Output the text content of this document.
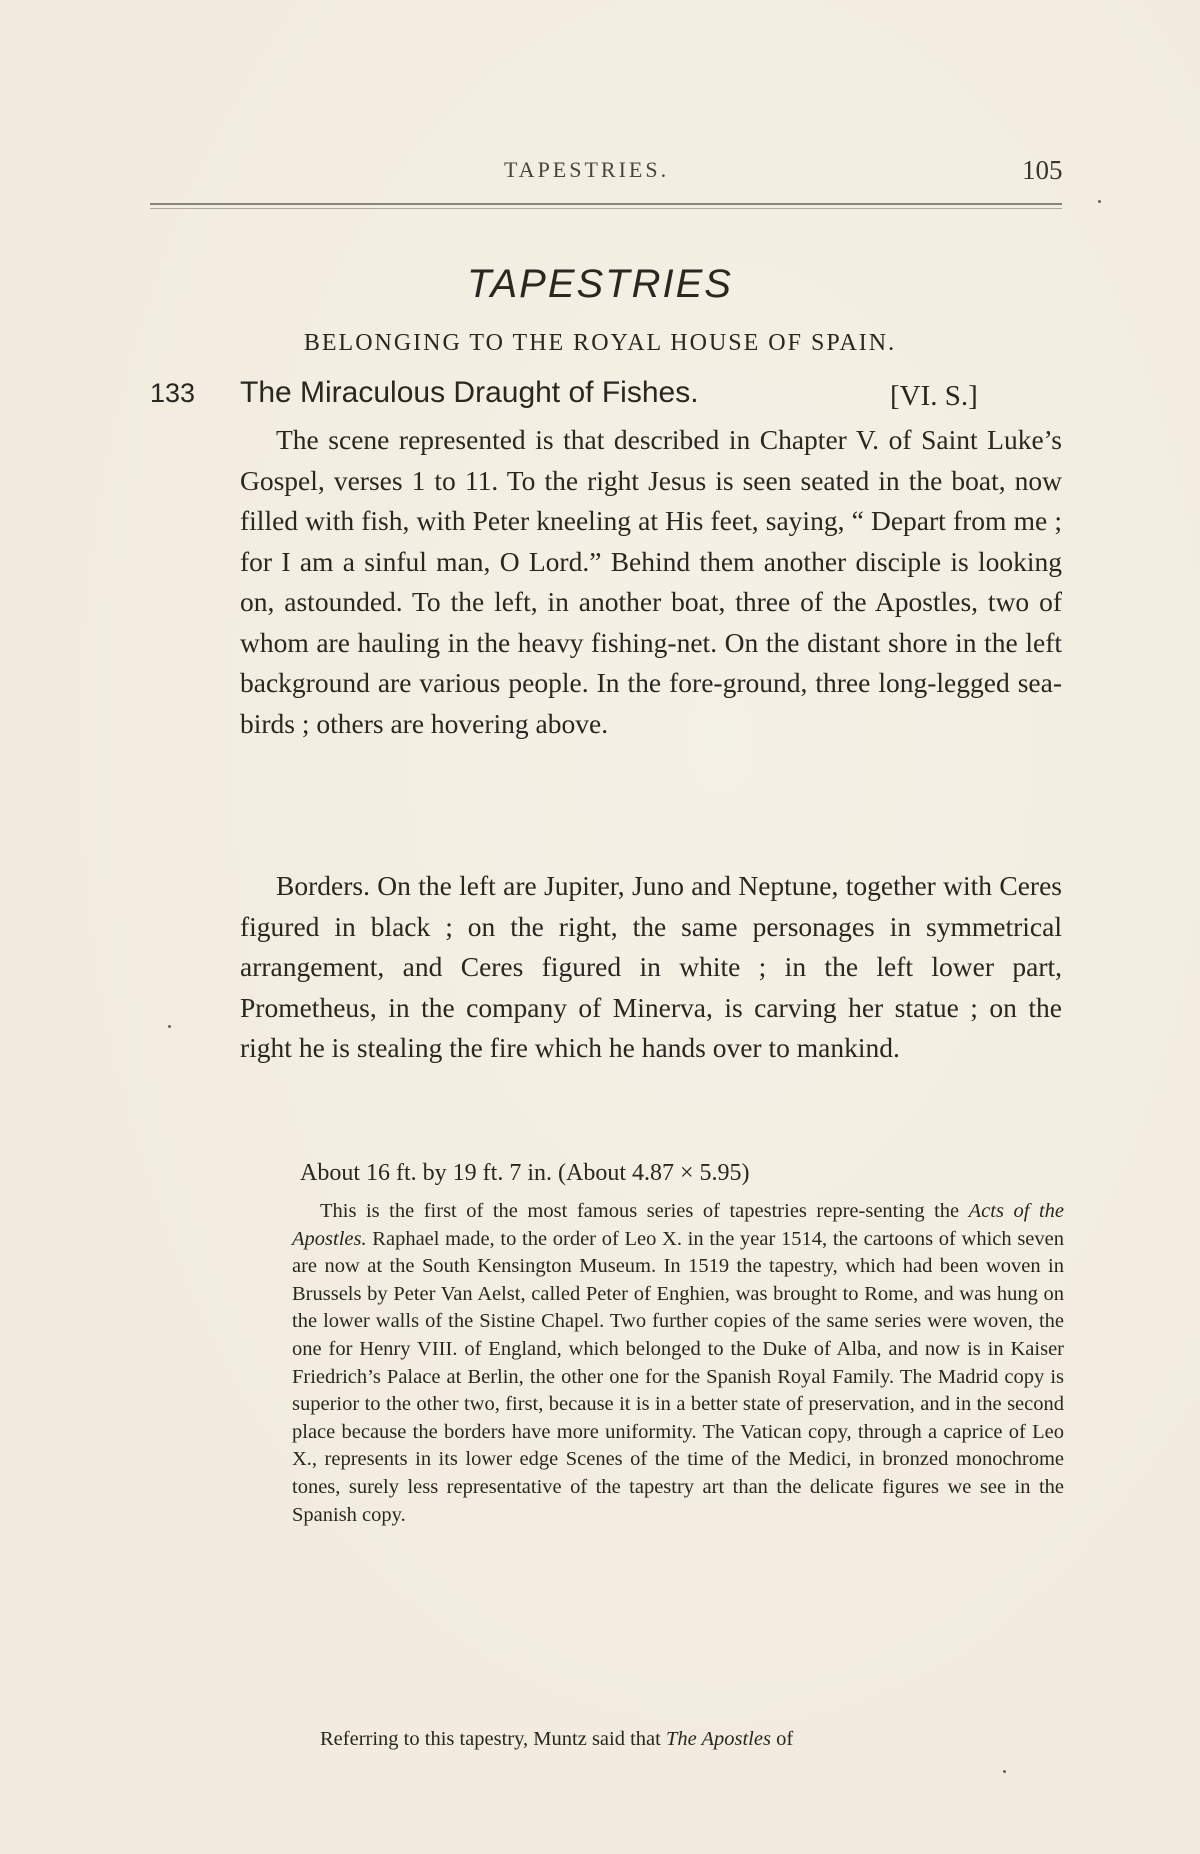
TAPESTRIES.	105
TAPESTRIES
BELONGING TO THE ROYAL HOUSE OF SPAIN.
133 The Miraculous Draught of Fishes.	[VI. S.]

The scene represented is that described in Chapter V. of Saint Luke’s Gospel, verses 1 to 11. To the right Jesus is seen seated in the boat, now filled with fish, with Peter kneeling at His feet, saying, “ Depart from me ; for I am a sinful man, O Lord.” Behind them another disciple is looking on, astounded. To the left, in another boat, three of the Apostles, two of whom are hauling in the heavy fishing-net. On the distant shore in the left background are various people. In the fore-ground, three long-legged sea-birds ; others are hovering above.

Borders. On the left are Jupiter, Juno and Neptune, together with Ceres figured in black ; on the right, the same personages in symmetrical arrangement, and Ceres figured in white ; in the left lower part, Prometheus, in the company of Minerva, is carving her statue ; on the right he is stealing the fire which he hands over to mankind.

About 16 ft. by 19 ft. 7 in. (About 4.87 × 5.95)

This is the first of the most famous series of tapestries repre-senting the Acts of the Apostles. Raphael made, to the order of Leo X. in the year 1514, the cartoons of which seven are now at the South Kensington Museum. In 1519 the tapestry, which had been woven in Brussels by Peter Van Aelst, called Peter of Enghien, was brought to Rome, and was hung on the lower walls of the Sistine Chapel. Two further copies of the same series were woven, the one for Henry VIII. of England, which belonged to the Duke of Alba, and now is in Kaiser Friedrich’s Palace at Berlin, the other one for the Spanish Royal Family. The Madrid copy is superior to the other two, first, because it is in a better state of preservation, and in the second place because the borders have more uniformity. The Vatican copy, through a caprice of Leo X., represents in its lower edge Scenes of the time of the Medici, in bronzed monochrome tones, surely less representative of the tapestry art than the delicate figures we see in the Spanish copy.

Referring to this tapestry, Muntz said that The Apostles of
